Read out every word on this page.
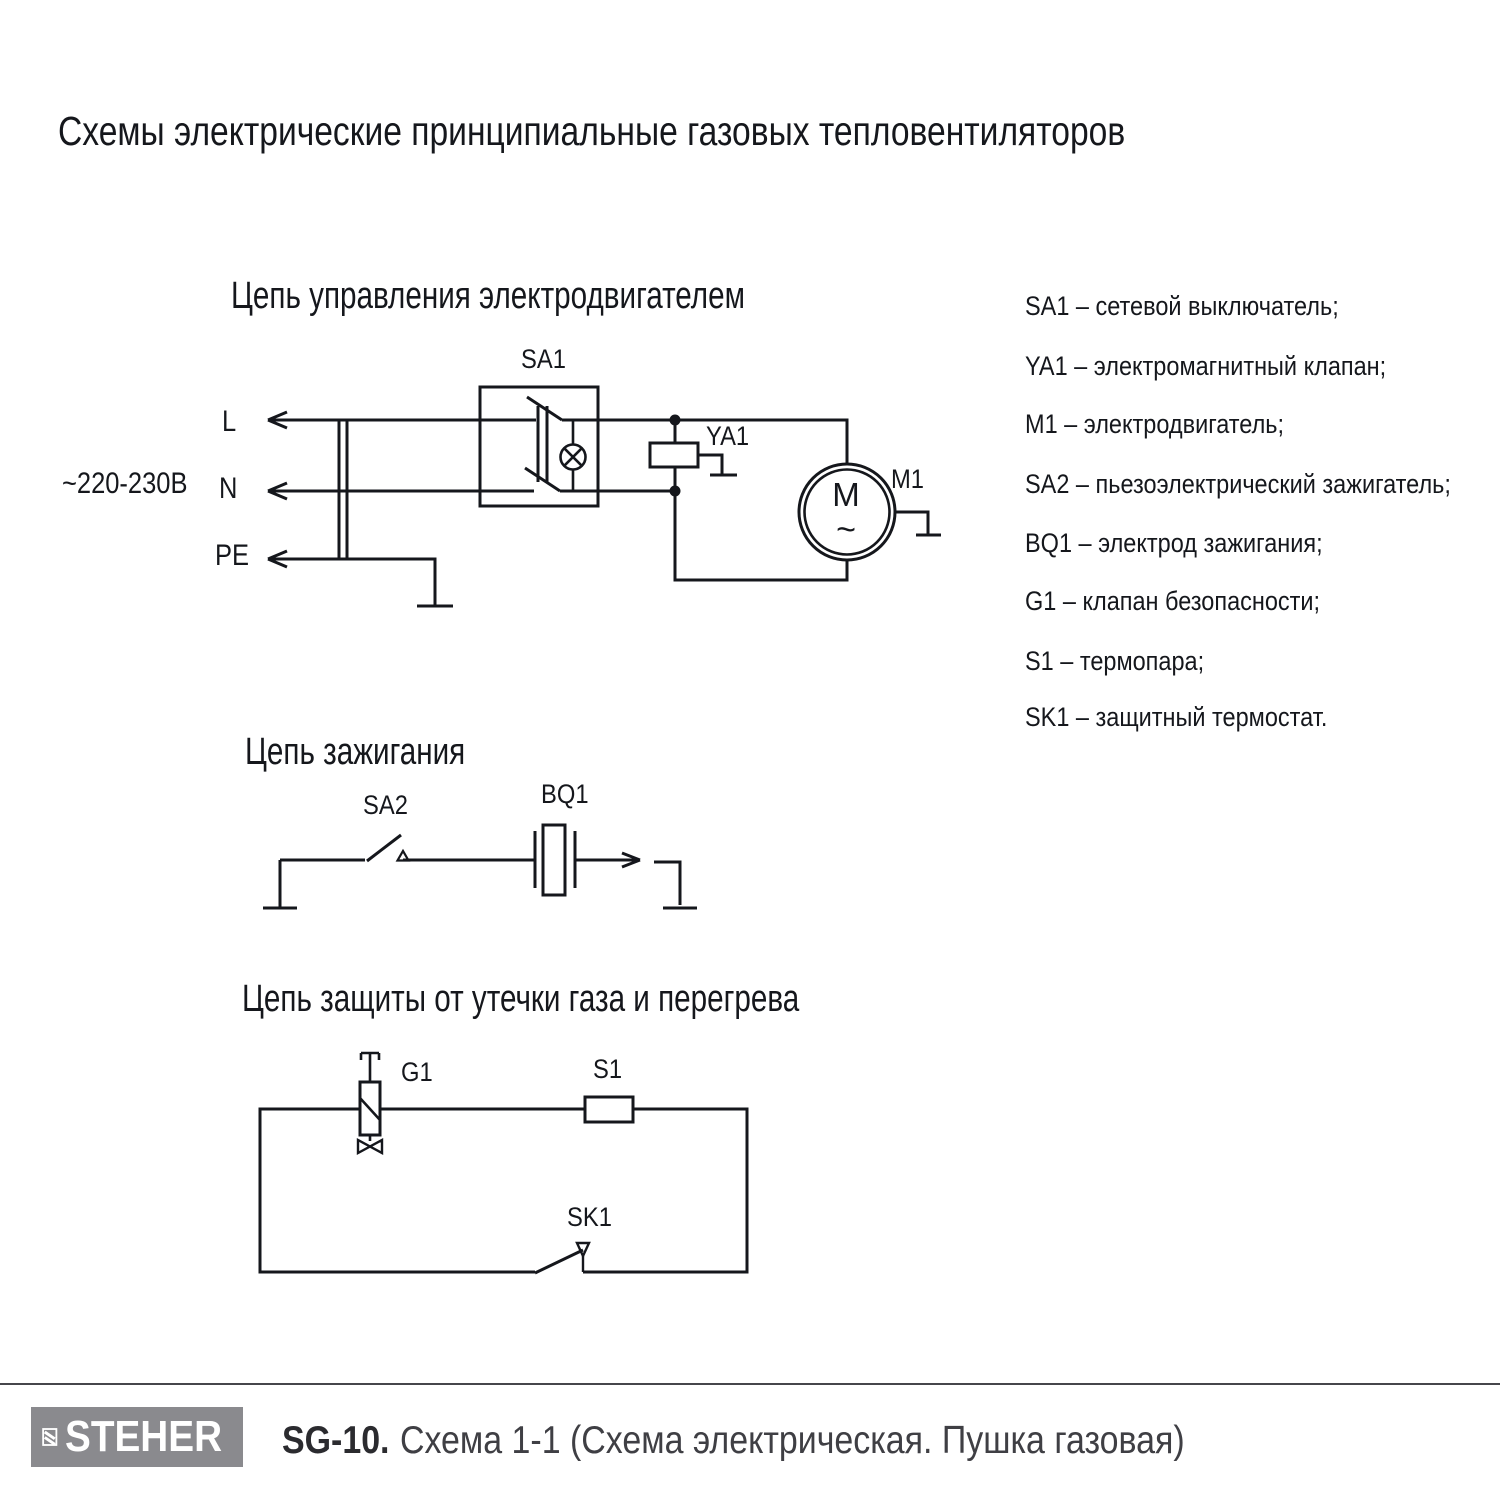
M
~
Схемы электрические принципиальные газовых тепловентиляторов
Цепь управления электродвигателем
~220-230В
L
N
PE
SA1
YA1
M1
Цепь зажигания
SA2	BQ1
Цепь защиты от утечки газа и перегрева
G1	S1
SK1
SA1 – сетевой выключатель;
YA1 – электромагнитный клапан;
M1 – электродвигатель;
SA2 – пьезоэлектрический зажигатель;
BQ1 – электрод зажигания;
G1 – клапан безопасности;
S1 – термопара;
SK1 – защитный термостат.
STEHER SG-10. Схема 1-1 (Схема электрическая. Пушка газовая)
